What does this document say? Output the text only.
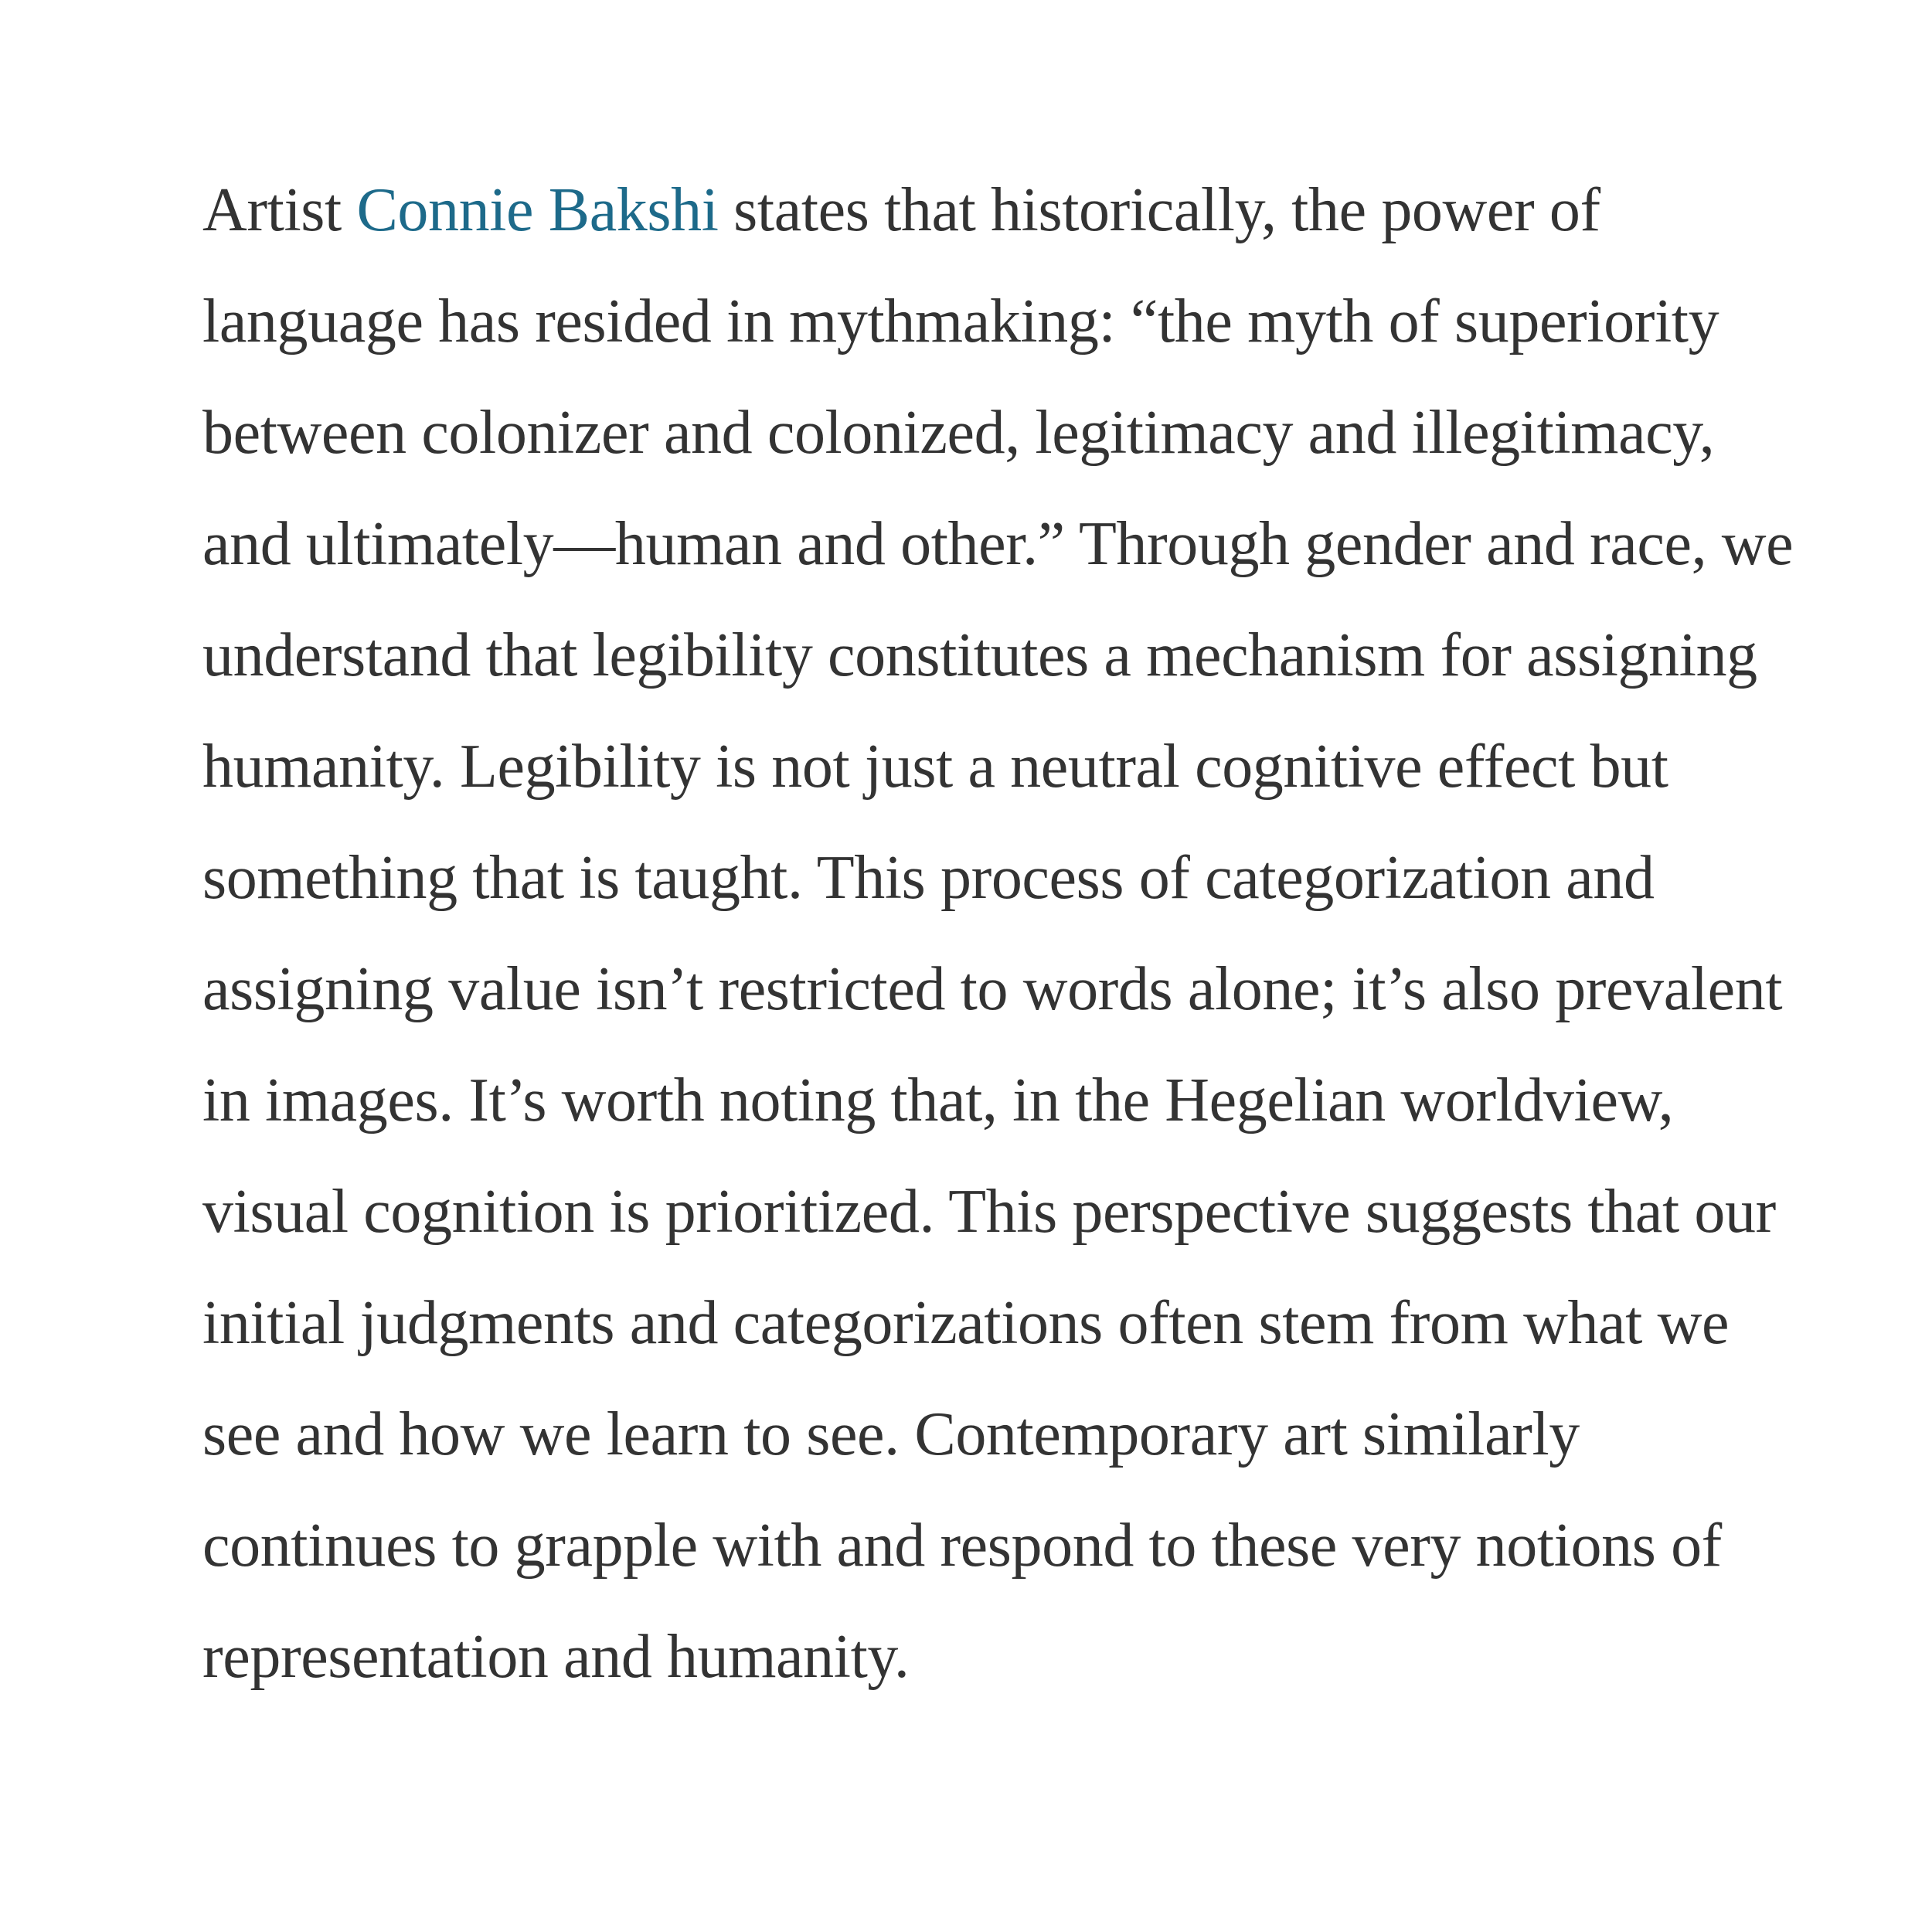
Artist Connie Bakshi states that historically, the power of language has resided in mythmaking: “the myth of superiority between colonizer and colonized, legitimacy and illegitimacy, and ultimately—human and other.” Through gender and race, we understand that legibility constitutes a mechanism for assigning humanity. Legibility is not just a neutral cognitive effect but something that is taught. This process of categorization and assigning value isn’t restricted to words alone; it’s also prevalent in images. It’s worth noting that, in the Hegelian worldview, visual cognition is prioritized. This perspective suggests that our initial judgments and categorizations often stem from what we see and how we learn to see. Contemporary art similarly continues to grapple with and respond to these very notions of representation and humanity.
